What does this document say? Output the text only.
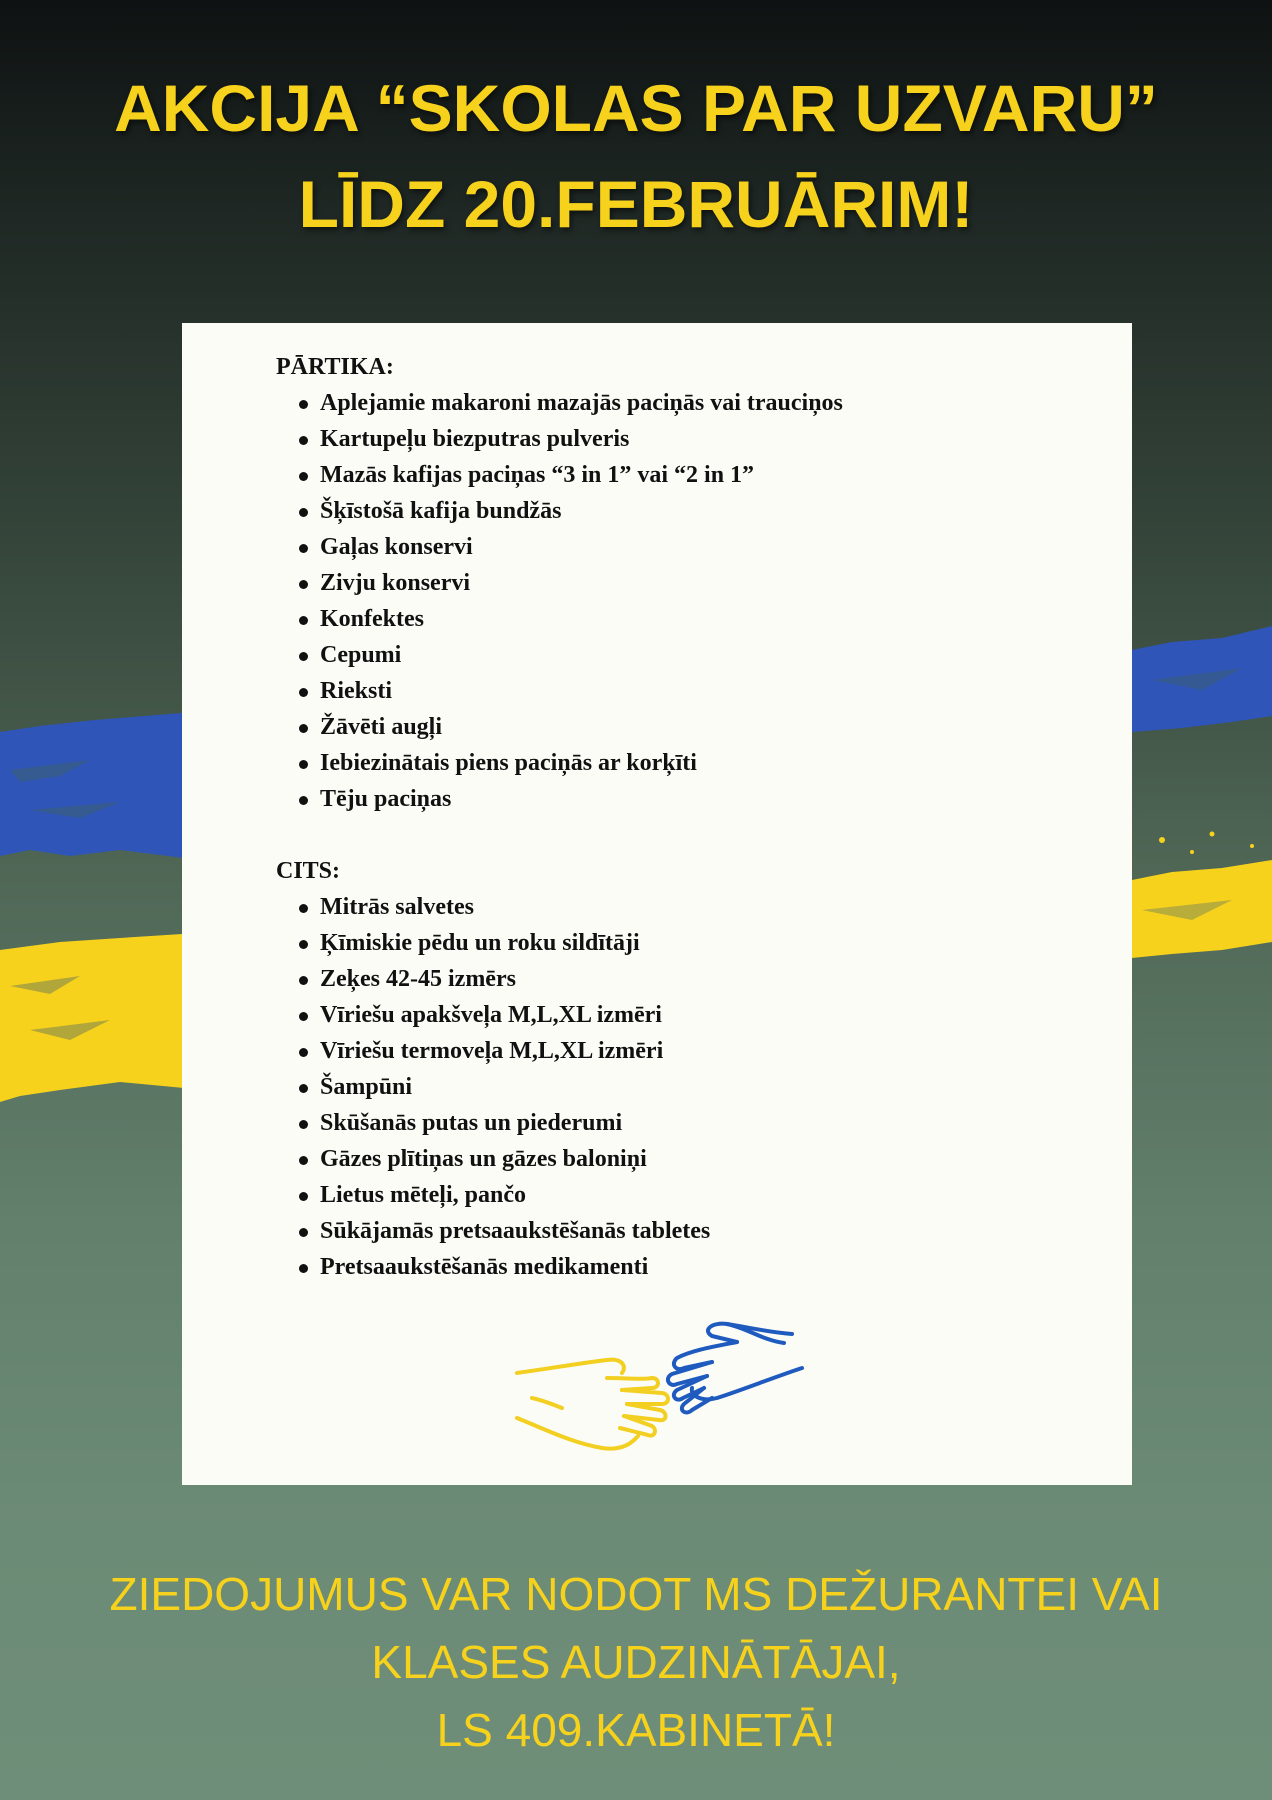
AKCIJA “SKOLAS PAR UZVARU”
LĪDZ 20.FEBRUĀRIM!
PĀRTIKA:
Aplejamie makaroni mazajās paciņās vai trauciņos
Kartupeļu biezputras pulveris
Mazās kafijas paciņas “3 in 1” vai “2 in 1”
Šķīstošā kafija bundžās
Gaļas konservi
Zivju konservi
Konfektes
Cepumi
Rieksti
Žāvēti augļi
Iebiezinātais piens paciņās ar korķīti
Tēju paciņas
CITS:
Mitrās salvetes
Ķīmiskie pēdu un roku sildītāji
Zeķes 42-45 izmērs
Vīriešu apakšveļa M,L,XL izmēri
Vīriešu termoveļa M,L,XL izmēri
Šampūni
Skūšanās putas un piederumi
Gāzes plītiņas un gāzes baloniņi
Lietus mēteļi, pančo
Sūkājamās pretsaaukstēšanās tabletes
Pretsaaukstēšanās medikamenti
ZIEDOJUMUS VAR NODOT MS DEŽURANTEI VAI
KLASES AUDZINĀTĀJAI,
LS 409.KABINETĀ!
